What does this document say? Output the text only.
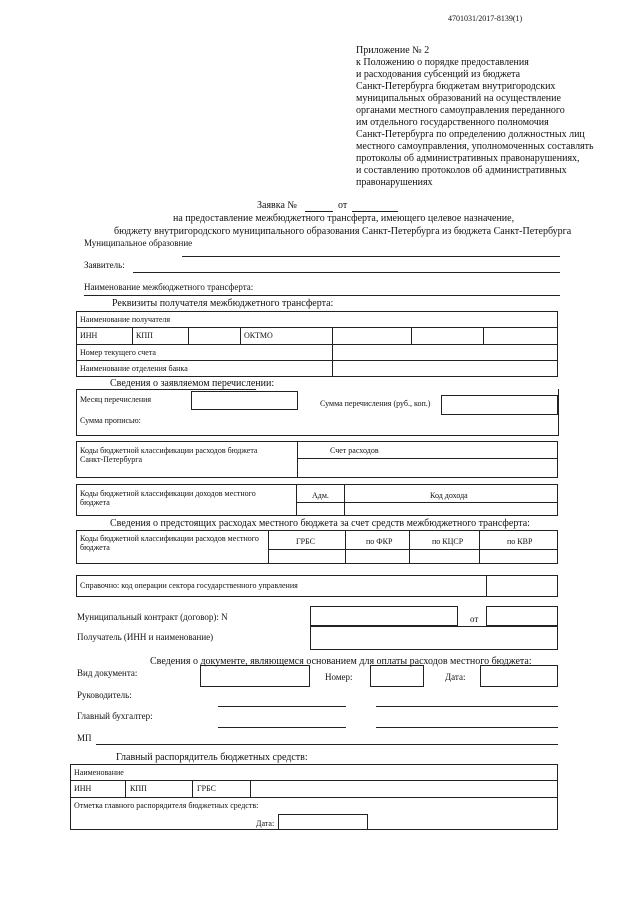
4701031/2017-8139(1)
Приложение № 2
к Положению о порядке предоставления
и расходования субсенций из бюджета
Санкт-Петербурга бюджетам внутригородских
муниципальных образований на осуществление
органами местного самоуправления переданного
им отдельного государственного полномочия
Санкт-Петербурга по определению должностных лиц
местного самоуправления, уполномоченных составлять
протоколы об административных правонарушениях,
и составлению протоколов об административных
правонарушениях
Заявка №	от
на предоставление межбюджетного трансферта, имеющего целевое назначение,
бюджету внутригородского муниципального образования Санкт-Петербурга из бюджета Санкт-Петербурга
Муниципальное образовние
Заявитель:
Наименование межбюджетного трансферта:
Реквизиты получателя межбюджетного трансферта:
Наименование получателя
ИНН	КПП	ОКТМО
Номер текущего счета
Наименование отделения банка
Сведения о заявляемом перечислении:
Месяц перечисления	Сумма перечисления (руб., коп.)
Сумма прописью:
Коды бюджетной классификации расходов бюджета Санкт-Петербурга
Счет расходов
Коды бюджетной классификации доходов местного бюджета
Адм.	Код дохода
Сведения о предстоящих расходах местного бюджета за счет средств межбюджетного трансферта:
Коды бюджетной классификации расходов местного бюджета
ГРБС	по ФКР	по КЦСР	по КВР
Справочно: код операции сектора государственного управления
Муниципальный контракт (договор): N	от
Получатель (ИНН и наименование)
Сведения о документе, являющемся основанием для оплаты расходов местного бюджета:
Вид документа:	Номер:	Дата:
Руководитель:
Главный бухгалтер:
МП
Главный распорядитель бюджетных средств:
Наименование
ИНН	КПП	ГРБС
Отметка главного распорядителя бюджетных средств:
Дата:
